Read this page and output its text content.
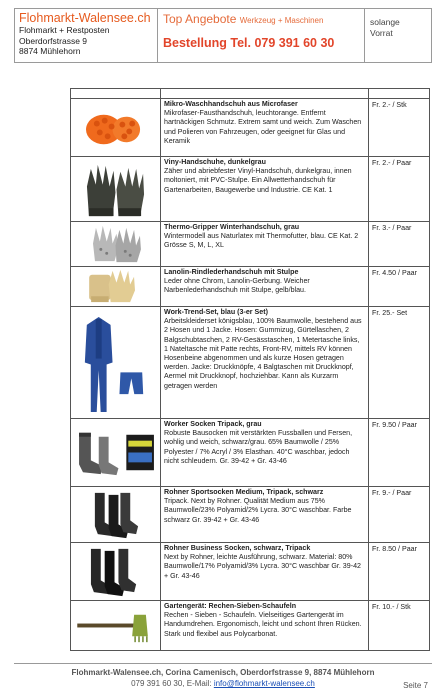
Flohmarkt-Walensee.ch
Flohmarkt + Restposten
Oberdorfstrasse 9
8874 Mühlehorn
Top Angebote Werkzeug + Maschinen
Bestellung Tel. 079 391 60 30
solange
Vorrat
Mikro-Waschhandschuh aus Microfaser
Mikrofaser-Fausthandschuh, leuchtorange. Entfernt hartnäckigen Schmutz. Extrem samt und weich. Zum Waschen und Polieren von Fahrzeugen, oder geeignet für Glas und Keramik
Fr. 2.- / Stk
Viny-Handschuhe, dunkelgrau
Zäher und abriebfester Vinyl-Handschuh, dunkelgrau, innen moltoniert, mit PVC-Stulpe. Ein Allwetterhandschuh für Gartenarbeiten, Baugewerbe und Industrie. CE Kat. 1
Fr. 2.- / Paar
Thermo-Gripper Winterhandschuh, grau
Wintermodell aus Naturlatex mit Thermofutter, blau. CE Kat. 2 Grösse S, M, L, XL
Fr. 3.- / Paar
Lanolin-Rindlederhandschuh mit Stulpe
Leder ohne Chrom, Lanolin-Gerbung. Weicher Narbenlederhandschuh mit Stulpe, gelb/blau.
Fr. 4.50 / Paar
Work-Trend-Set, blau (3-er Set)
Arbeitskleiderset königsblau, 100% Baumwolle, bestehend aus 2 Hosen und 1 Jacke. Hosen: Gummizug, Gürtellaschen, 2 Balgschubtaschen, 2 RV-Gesässtaschen, 1 Metertasche links, 1 Nateltasche mit Patte rechts, Front-RV, mittels RV können Hosenbeine abgenommen und als kurze Hosen getragen werden. Jacke: Druckknöpfe, 4 Balgtaschen mit Druckknopf, Aermel mit Druckknopf, hochziehbar. Kann als Kurzarm getragen werden
Fr. 25.- Set
Worker Socken Tripack, grau
Robuste Bausocken mit verstärkten Fussballen und Fersen, wohlig und weich, schwarz/grau. 65% Baumwolle / 25% Polyester / 7% Acryl / 3% Elasthan. 40°C waschbar, jedoch nicht schleudern. Gr. 39-42 + Gr. 43-46
Fr. 9.50 / Paar
Rohner Sportsocken Medium, Tripack, schwarz
Tripack. Next by Rohner. Qualität Medium aus 75% Baumwolle/23% Polyamid/2% Lycra. 30°C waschbar. Farbe schwarz Gr. 39-42 + Gr. 43-46
Fr. 9.- / Paar
Rohner Business Socken, schwarz, Tripack
Next by Rohner, leichte Ausführung, schwarz. Material: 80% Baumwolle/17% Polyamid/3% Lycra. 30°C waschbar Gr. 39-42 + Gr. 43-46
Fr. 8.50 / Paar
Gartengerät: Rechen-Sieben-Schaufeln
Rechen - Sieben - Schaufeln. Vielseitiges Gartengerät im Handumdrehen. Ergonomisch, leicht und schont Ihren Rücken. Stark und flexibel aus Polycarbonat.
Fr. 10.- / Stk
Flohmarkt-Walensee.ch, Corina Camenisch, Oberdorfstrasse 9, 8874 Mühlehorn
079 391 60 30, E-Mail: info@flohmarkt-walensee.ch	Seite 7
